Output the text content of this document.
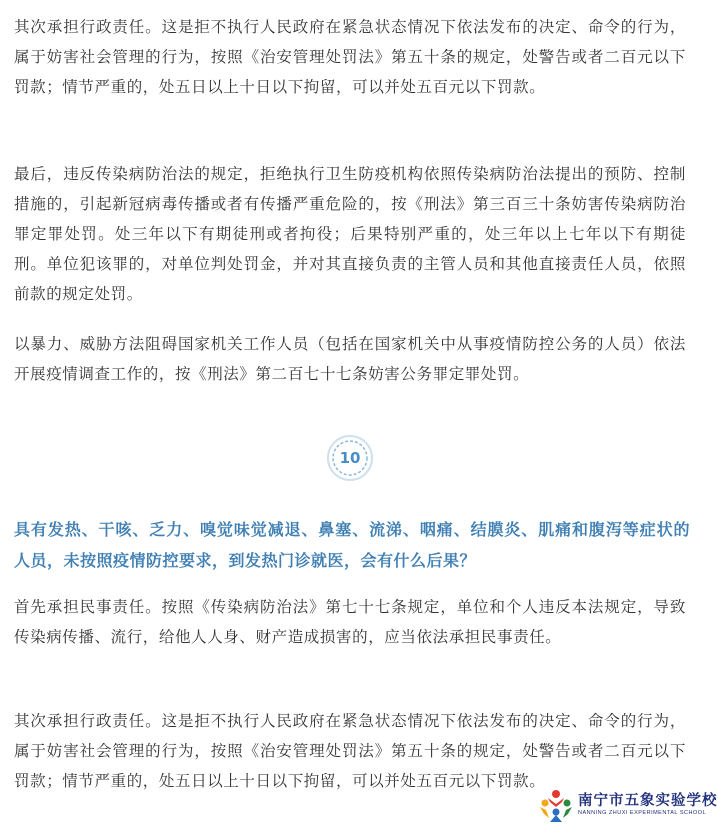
其次承担行政责任。这是拒不执行人民政府在紧急状态情况下依法发布的决定、命令的行为，属于妨害社会管理的行为，按照《治安管理处罚法》第五十条的规定，处警告或者二百元以下罚款；情节严重的，处五日以上十日以下拘留，可以并处五百元以下罚款。

最后，违反传染病防治法的规定，拒绝执行卫生防疫机构依照传染病防治法提出的预防、控制措施的，引起新冠病毒传播或者有传播严重危险的，按《刑法》第三百三十条妨害传染病防治罪定罪处罚。处三年以下有期徒刑或者拘役；后果特别严重的，处三年以上七年以下有期徒刑。单位犯该罪的，对单位判处罚金，并对其直接负责的主管人员和其他直接责任人员，依照前款的规定处罚。

以暴力、威胁方法阻碍国家机关工作人员（包括在国家机关中从事疫情防控公务的人员）依法开展疫情调查工作的，按《刑法》第二百七十七条妨害公务罪定罪处罚。

10

具有发热、干咳、乏力、嗅觉味觉减退、鼻塞、流涕、咽痛、结膜炎、肌痛和腹泻等症状的人员，未按照疫情防控要求，到发热门诊就医，会有什么后果？

首先承担民事责任。按照《传染病防治法》第七十七条规定，单位和个人违反本法规定，导致传染病传播、流行，给他人人身、财产造成损害的，应当依法承担民事责任。

其次承担行政责任。这是拒不执行人民政府在紧急状态情况下依法发布的决定、命令的行为，属于妨害社会管理的行为，按照《治安管理处罚法》第五十条的规定，处警告或者二百元以下罚款；情节严重的，处五日以上十日以下拘留，可以并处五百元以下罚款。

南宁市五象实验学校
NANNING ZHUXI EXPERIMENTAL SCHOOL
